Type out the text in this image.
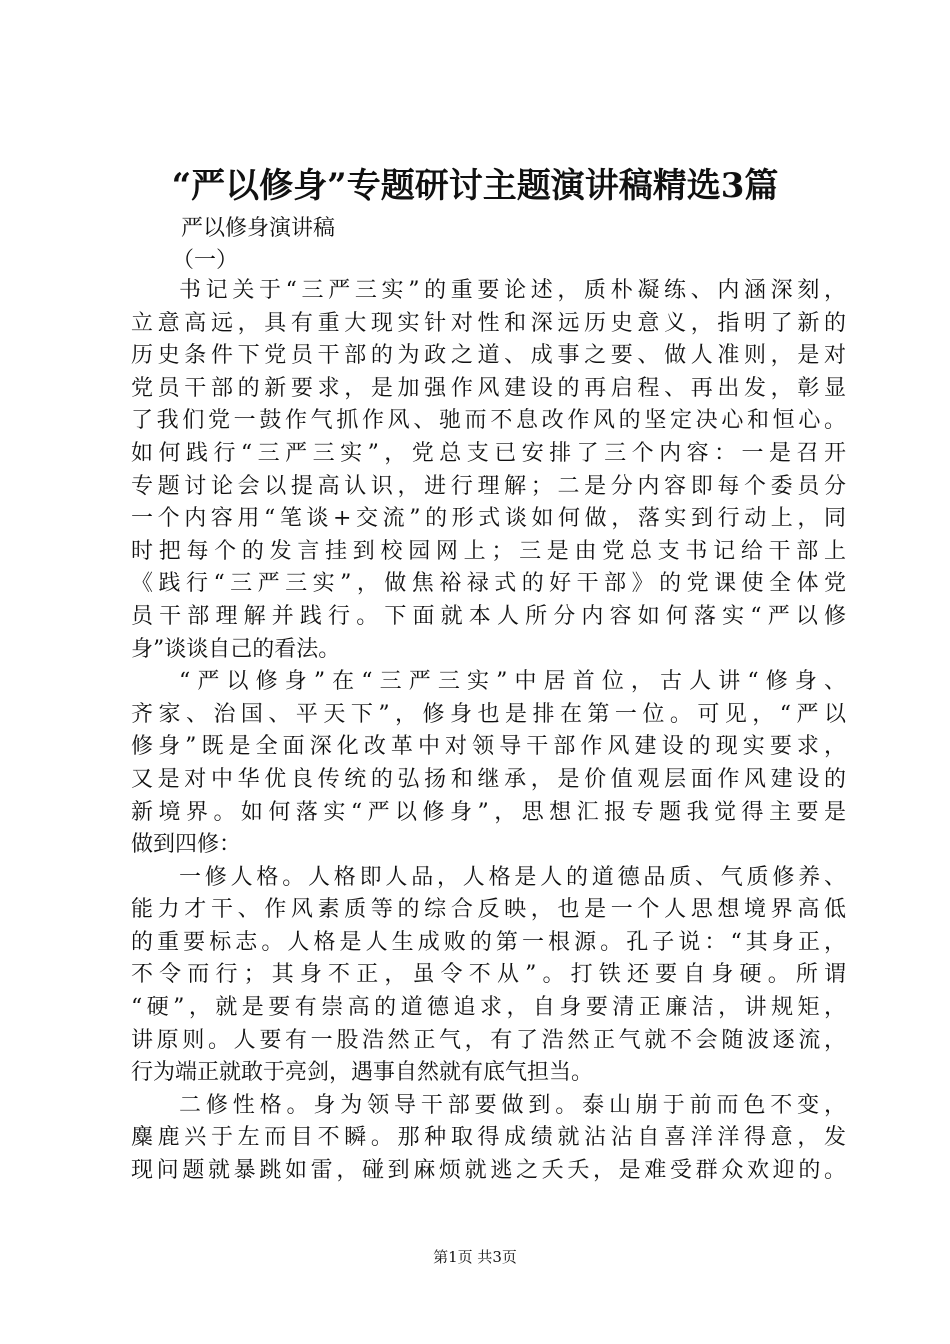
“严以修身”专题研讨主题演讲稿精选3篇
严以修身演讲稿
（一）
书记关于“三严三实”的重要论述，质朴凝练、内涵深刻，
立意高远，具有重大现实针对性和深远历史意义，指明了新的
历史条件下党员干部的为政之道、成事之要、做人准则，是对
党员干部的新要求，是加强作风建设的再启程、再出发，彰显
了我们党一鼓作气抓作风、驰而不息改作风的坚定决心和恒心。
如何践行“三严三实”，党总支已安排了三个内容：一是召开
专题讨论会以提高认识，进行理解；二是分内容即每个委员分
一个内容用“笔谈+交流”的形式谈如何做，落实到行动上，同
时把每个的发言挂到校园网上；三是由党总支书记给干部上
《践行“三严三实”，做焦裕禄式的好干部》的党课使全体党
员干部理解并践行。下面就本人所分内容如何落实“严以修
身”谈谈自己的看法。
“严以修身”在“三严三实”中居首位，古人讲“修身、
齐家、治国、平天下”，修身也是排在第一位。可见，“严以
修身”既是全面深化改革中对领导干部作风建设的现实要求，
又是对中华优良传统的弘扬和继承，是价值观层面作风建设的
新境界。如何落实“严以修身”，思想汇报专题我觉得主要是
做到四修：
一修人格。人格即人品，人格是人的道德品质、气质修养、
能力才干、作风素质等的综合反映，也是一个人思想境界高低
的重要标志。人格是人生成败的第一根源。孔子说：“其身正，
不令而行；其身不正，虽令不从”。打铁还要自身硬。所谓
“硬”，就是要有崇高的道德追求，自身要清正廉洁，讲规矩，
讲原则。人要有一股浩然正气，有了浩然正气就不会随波逐流，
行为端正就敢于亮剑，遇事自然就有底气担当。
二修性格。身为领导干部要做到。泰山崩于前而色不变，
麋鹿兴于左而目不瞬。那种取得成绩就沾沾自喜洋洋得意，发
现问题就暴跳如雷，碰到麻烦就逃之夭夭，是难受群众欢迎的。
第1页 共3页
